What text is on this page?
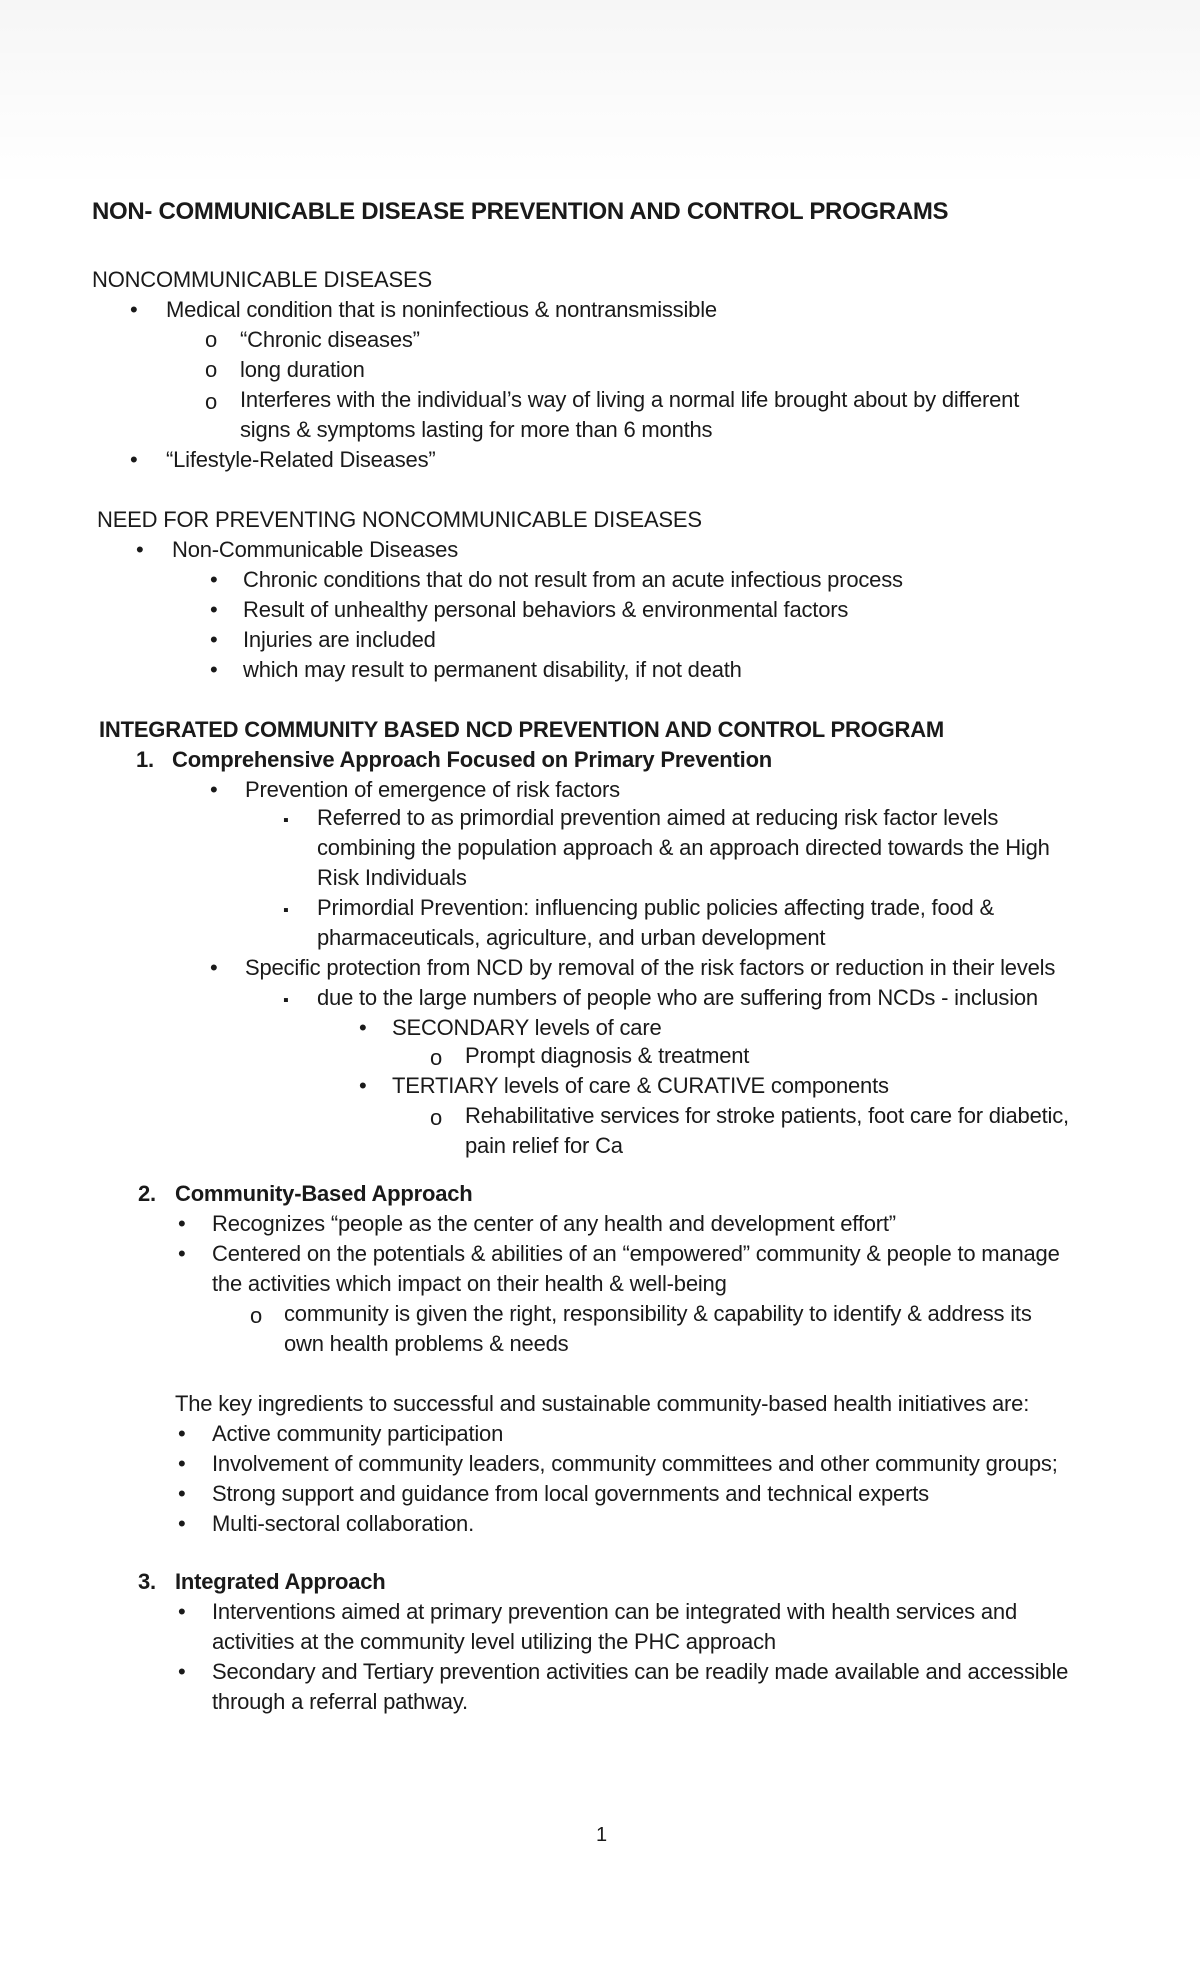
NON- COMMUNICABLE DISEASE PREVENTION AND CONTROL PROGRAMS
NONCOMMUNICABLE DISEASES
•
Medical condition that is noninfectious & nontransmissible
o
“Chronic diseases”
o
long duration
o
Interferes with the individual’s way of living a normal life brought about by different
signs & symptoms lasting for more than 6 months
•
“Lifestyle-Related Diseases”
NEED FOR PREVENTING NONCOMMUNICABLE DISEASES
•
Non-Communicable Diseases
•
Chronic conditions that do not result from an acute infectious process
•
Result of unhealthy personal behaviors & environmental factors
•
Injuries are included
•
which may result to permanent disability, if not death
INTEGRATED COMMUNITY BASED NCD PREVENTION AND CONTROL PROGRAM
1. Comprehensive Approach Focused on Primary Prevention
•
Prevention of emergence of risk factors
▪
Referred to as primordial prevention aimed at reducing risk factor levels
combining the population approach & an approach directed towards the High
Risk Individuals
▪
Primordial Prevention: influencing public policies affecting trade, food &
pharmaceuticals, agriculture, and urban development
•
Specific protection from NCD by removal of the risk factors or reduction in their levels
▪
due to the large numbers of people who are suffering from NCDs - inclusion
•
SECONDARY levels of care
o
Prompt diagnosis & treatment
•
TERTIARY levels of care & CURATIVE components
o
Rehabilitative services for stroke patients, foot care for diabetic,
pain relief for Ca
2. Community-Based Approach
•
Recognizes “people as the center of any health and development effort”
•
Centered on the potentials & abilities of an “empowered” community & people to manage
the activities which impact on their health & well-being
o
community is given the right, responsibility & capability to identify & address its
own health problems & needs
The key ingredients to successful and sustainable community-based health initiatives are:
•
Active community participation
•
Involvement of community leaders, community committees and other community groups;
•
Strong support and guidance from local governments and technical experts
•
Multi-sectoral collaboration.
3. Integrated Approach
•
Interventions aimed at primary prevention can be integrated with health services and
activities at the community level utilizing the PHC approach
•
Secondary and Tertiary prevention activities can be readily made available and accessible
through a referral pathway.
1
